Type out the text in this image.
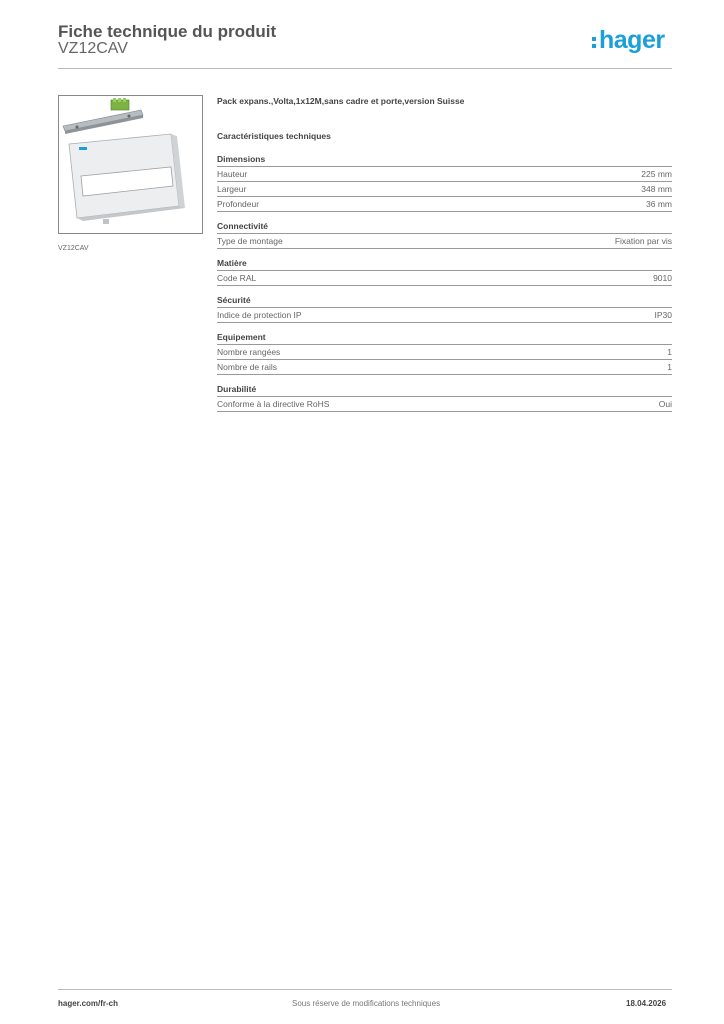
Fiche technique du produit
VZ12CAV	hager
VZ12CAV
Pack expans.,Volta,1x12M,sans cadre et porte,version Suisse
Caractéristiques techniques
Dimensions
Hauteur	225 mm
Largeur	348 mm
Profondeur	36 mm
Connectivité
Type de montage	Fixation par vis
Matière
Code RAL	9010
Sécurité
Indice de protection IP	IP30
Equipement
Nombre rangées	1
Nombre de rails	1
Durabilité
Conforme à la directive RoHS	Oui
hager.com/fr-ch	Sous réserve de modifications techniques	18.04.2026
